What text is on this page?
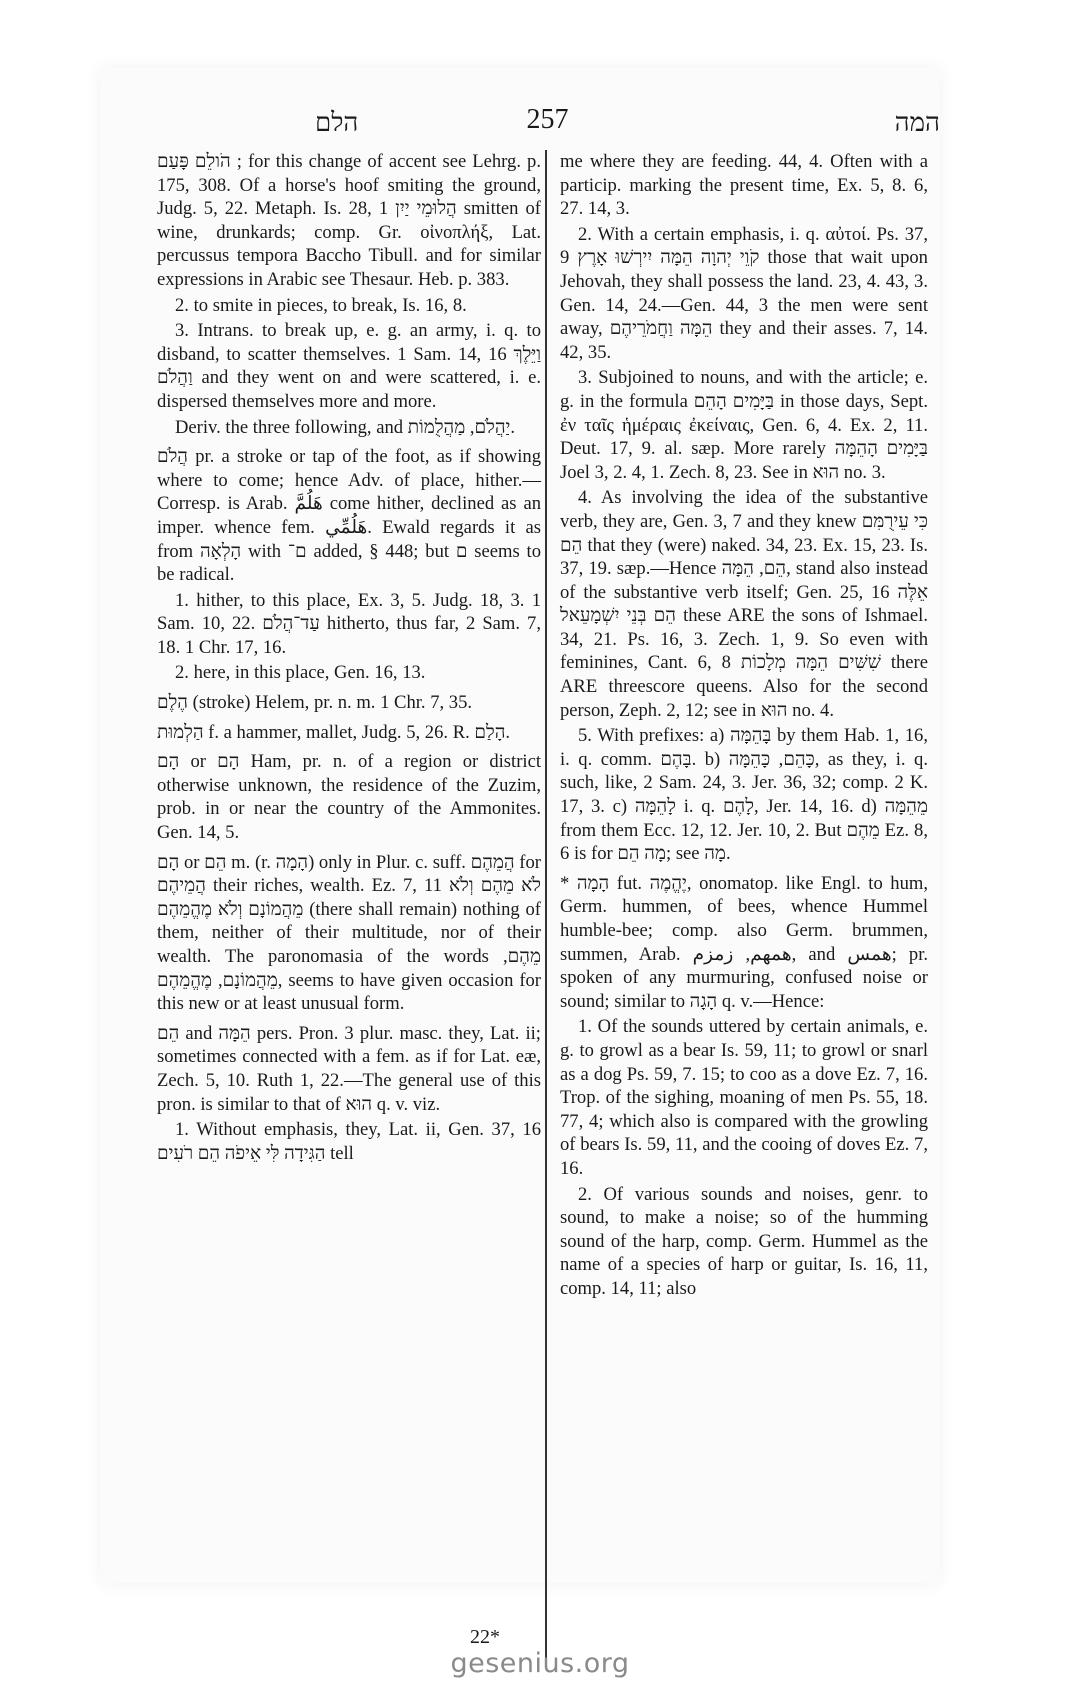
הלם	257	המה

הֹולֵם פָּעַם ; for this change of accent see Lehrg. p. 175, 308. Of a horse's hoof smiting the ground, Judg. 5, 22. Metaph. Is. 28, 1 הֲלוּמֵי יַיִן smitten of wine, drunkards; comp. Gr. οἰνοπλήξ, Lat. percussus tempora Baccho Tibull. and for similar expressions in Arabic see Thesaur. Heb. p. 383.

2. to smite in pieces, to break, Is. 16, 8.

3. Intrans. to break up, e. g. an army, i. q. to disband, to scatter themselves. 1 Sam. 14, 16 וַיֵּלֶךְ וַהֲלֹם and they went on and were scattered, i. e. dispersed themselves more and more.

Deriv. the three following, and יַהֲלֹם, מַהֲלֻמוֹת.

הֲלֹם pr. a stroke or tap of the foot, as if showing where to come; hence Adv. of place, hither.—Corresp. is Arab. هَلُمَّ come hither, declined as an imper. whence fem. هَلُمِّي. Ewald regards it as from הָלְאָה with ם־ added, § 448; but ם seems to be radical.

1. hither, to this place, Ex. 3, 5. Judg. 18, 3. 1 Sam. 10, 22. עַד־הֲלֹם hitherto, thus far, 2 Sam. 7, 18. 1 Chr. 17, 16.

2. here, in this place, Gen. 16, 13.

הֶלֶם (stroke) Helem, pr. n. m. 1 Chr. 7, 35.

הַלְמוּת f. a hammer, mallet, Judg. 5, 26. R. הָלַם.

הָם or הָם Ham, pr. n. of a region or district otherwise unknown, the residence of the Zuzim, prob. in or near the country of the Ammonites. Gen. 14, 5.

הָם or הֵם m. (r. הָמָה) only in Plur. c. suff. הֲמֵהֶם for הֲמֵיהֶם their riches, wealth. Ez. 7, 11 לֹא מֵהֶם וְלֹא מֵהֲמוֹנָם וְלֹא מֶהֱמֵהֶם (there shall remain) nothing of them, neither of their multitude, nor of their wealth. The paronomasia of the words מֵהֶם, מֵהֲמוֹנָם, מֶהֱמֵהֶם, seems to have given occasion for this new or at least unusual form.

הֵם and הֵמָּה pers. Pron. 3 plur. masc. they, Lat. ii; sometimes connected with a fem. as if for Lat. eæ, Zech. 5, 10. Ruth 1, 22.—The general use of this pron. is similar to that of הוּא q. v. viz.

1. Without emphasis, they, Lat. ii, Gen. 37, 16 הַגִּידָה לִּי אֵיפֹה הֵם רֹעִים tell

me where they are feeding. 44, 4. Often with a particip. marking the present time, Ex. 5, 8. 6, 27. 14, 3.

2. With a certain emphasis, i. q. αὐτοί. Ps. 37, 9 קֹוֵי יְהוָה הֵמָּה יִירְשׁוּ אָרֶץ those that wait upon Jehovah, they shall possess the land. 23, 4. 43, 3. Gen. 14, 24.—Gen. 44, 3 the men were sent away, הֵמָּה וַחֲמֹרֵיהֶם they and their asses. 7, 14. 42, 35.

3. Subjoined to nouns, and with the article; e. g. in the formula בַּיָּמִים הָהֵם in those days, Sept. ἐν ταῖς ἡμέραις ἐκείναις, Gen. 6, 4. Ex. 2, 11. Deut. 17, 9. al. sæp. More rarely בַּיָּמִים הָהֵמָּה Joel 3, 2. 4, 1. Zech. 8, 23. See in הוּא no. 3.

4. As involving the idea of the substantive verb, they are, Gen. 3, 7 and they knew כִּי עֵירֻמִּם הֵם that they (were) naked. 34, 23. Ex. 15, 23. Is. 37, 19. sæp.—Hence הֵם, הֵמָּה, stand also instead of the substantive verb itself; Gen. 25, 16 אֵלֶּה הֵם בְּנֵי יִשְׁמָעֵאל these ARE the sons of Ishmael. 34, 21. Ps. 16, 3. Zech. 1, 9. So even with feminines, Cant. 6, 8 שִׁשִּׁים הֵמָּה מְלָכוֹת there ARE threescore queens. Also for the second person, Zeph. 2, 12; see in הוּא no. 4.

5. With prefixes: a) בָּהֵמָּה by them Hab. 1, 16, i. q. comm. בָּהֶם. b) כָּהֵם, כָּהֵמָּה, as they, i. q. such, like, 2 Sam. 24, 3. Jer. 36, 32; comp. 2 K. 17, 3. c) לָהֵמָּה i. q. לָהֶם, Jer. 14, 16. d) מֵהֵמָּה from them Ecc. 12, 12. Jer. 10, 2. But מֵהֶם Ez. 8, 6 is for מָה הֵם; see מָה.

* הָמָה fut. יֶהֱמֶה, onomatop. like Engl. to hum, Germ. hummen, of bees, whence Hummel humble-bee; comp. also Germ. brummen, summen, Arab. همهم, زمزم, and همس; pr. spoken of any murmuring, confused noise or sound; similar to הָגָה q. v.—Hence:

1. Of the sounds uttered by certain animals, e. g. to growl as a bear Is. 59, 11; to growl or snarl as a dog Ps. 59, 7. 15; to coo as a dove Ez. 7, 16. Trop. of the sighing, moaning of men Ps. 55, 18. 77, 4; which also is compared with the growling of bears Is. 59, 11, and the cooing of doves Ez. 7, 16.

2. Of various sounds and noises, genr. to sound, to make a noise; so of the humming sound of the harp, comp. Germ. Hummel as the name of a species of harp or guitar, Is. 16, 11, comp. 14, 11; also

22*
gesenius.org
